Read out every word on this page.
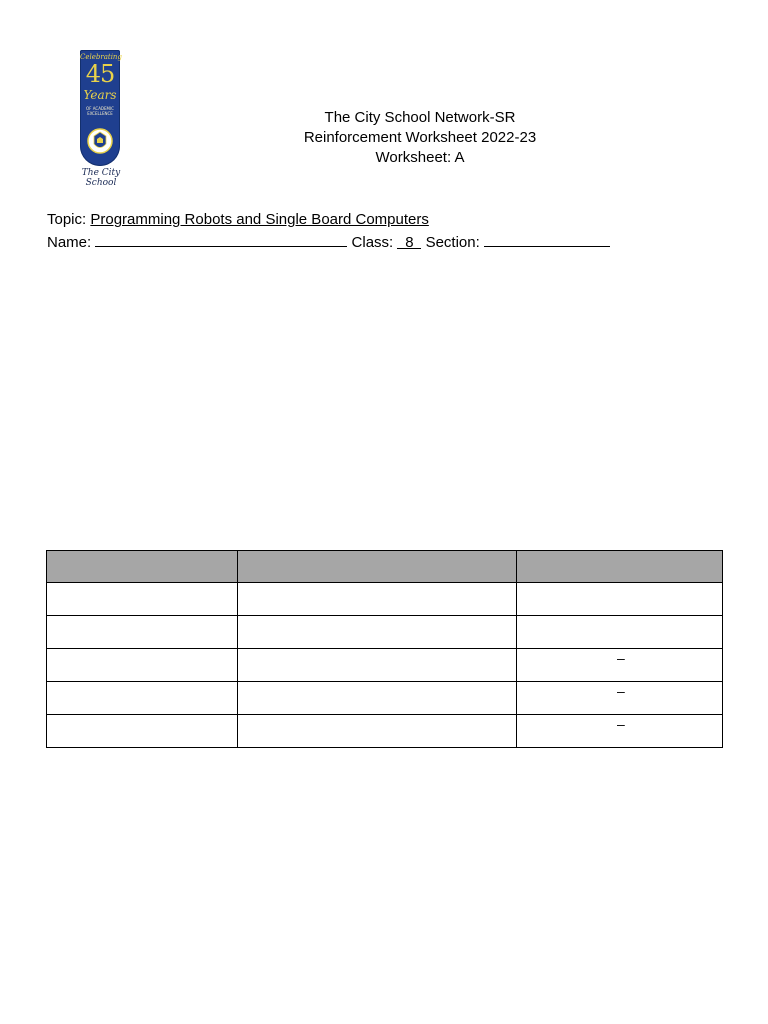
Celebrating
45
Years
OF ACADEMIC EXCELLENCE
The City School
The City School Network-SR
Reinforcement Worksheet 2022-23
Worksheet: A
Topic: Programming Robots and Single Board Computers
Name:	Class: 8 Section:

		–

		–

		–
